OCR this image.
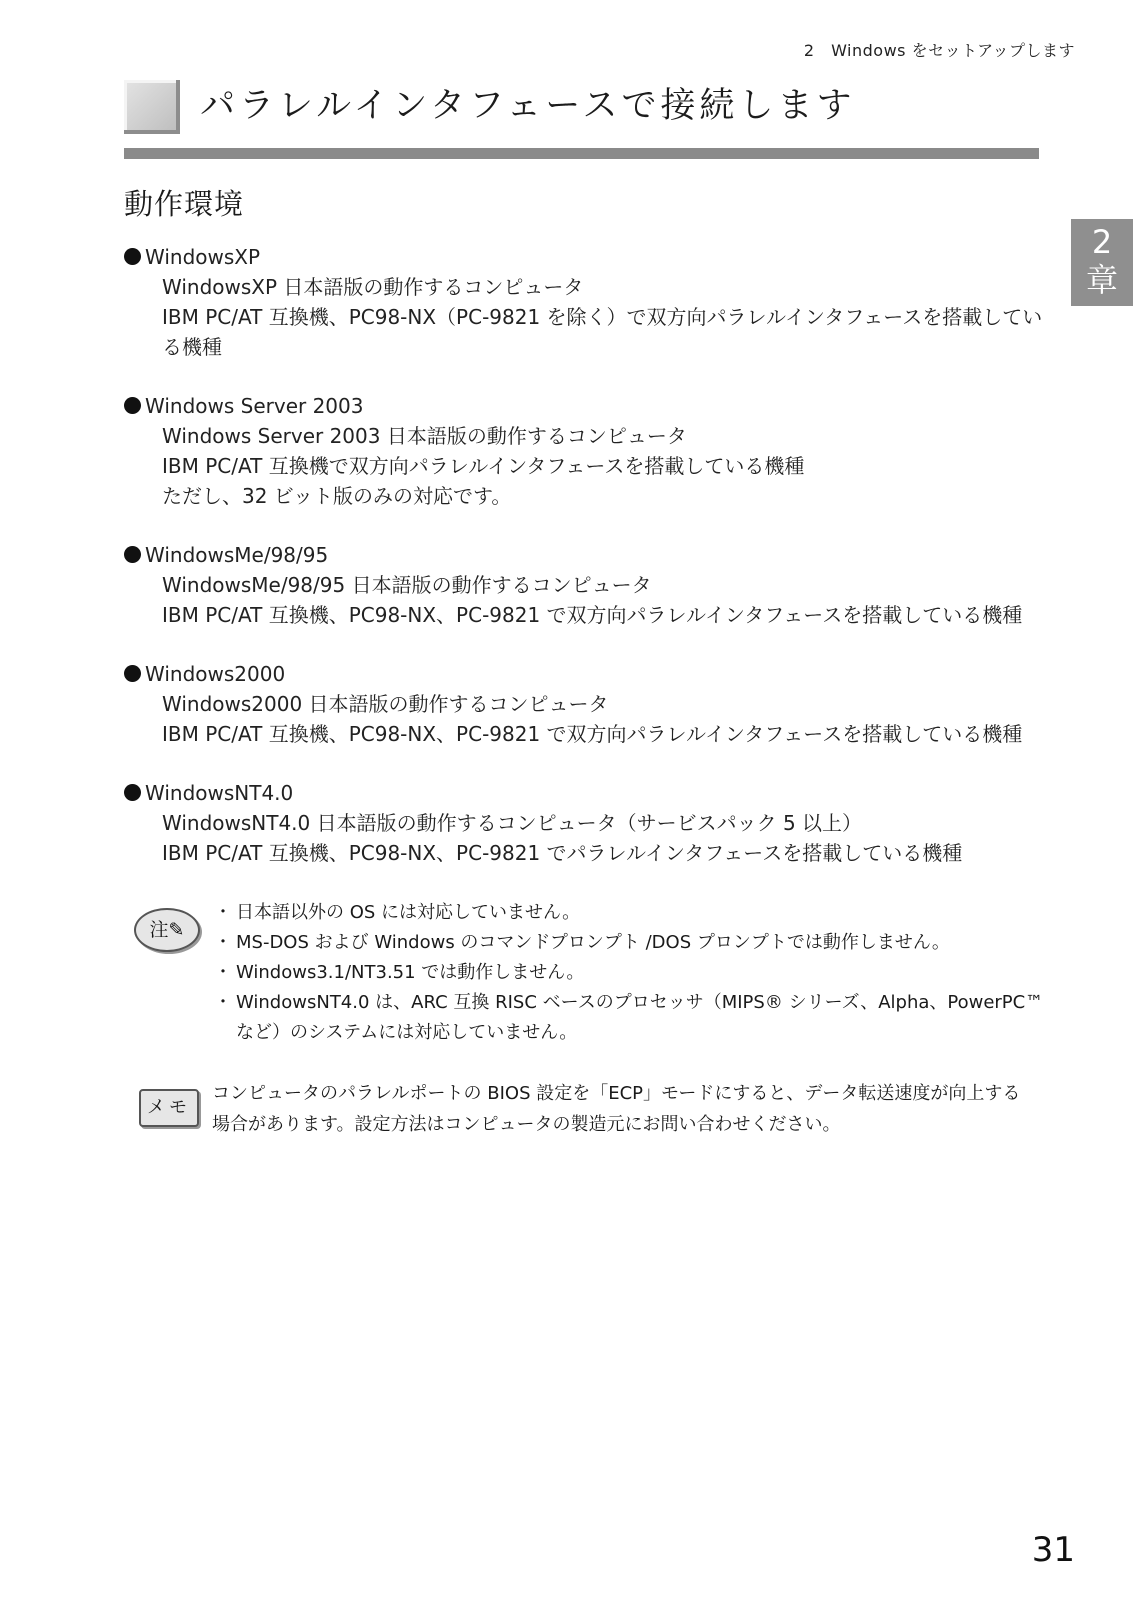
2　Windows をセットアップします
パラレルインタフェースで接続します
動作環境
2
章
WindowsXP
WindowsXP 日本語版の動作するコンピュータ
IBM PC/AT 互換機、PC98-NX（PC-9821 を除く）で双方向パラレルインタフェースを搭載してい
る機種
Windows Server 2003
Windows Server 2003 日本語版の動作するコンピュータ
IBM PC/AT 互換機で双方向パラレルインタフェースを搭載している機種
ただし、32 ビット版のみの対応です。
WindowsMe/98/95
WindowsMe/98/95 日本語版の動作するコンピュータ
IBM PC/AT 互換機、PC98-NX、PC-9821 で双方向パラレルインタフェースを搭載している機種
Windows2000
Windows2000 日本語版の動作するコンピュータ
IBM PC/AT 互換機、PC98-NX、PC-9821 で双方向パラレルインタフェースを搭載している機種
WindowsNT4.0
WindowsNT4.0 日本語版の動作するコンピュータ（サービスパック 5 以上）
IBM PC/AT 互換機、PC98-NX、PC-9821 でパラレルインタフェースを搭載している機種
注✎
・ 日本語以外の OS には対応していません。
・ MS-DOS および Windows のコマンドプロンプト /DOS プロンプトでは動作しません。
・ Windows3.1/NT3.51 では動作しません。
・ WindowsNT4.0 は、ARC 互換 RISC ベースのプロセッサ（MIPS® シリーズ、Alpha、PowerPC™ など）のシステムには対応していません。
メモ
コンピュータのパラレルポートの BIOS 設定を「ECP」モードにすると、データ転送速度が向上する場合があります。設定方法はコンピュータの製造元にお問い合わせください。
31
